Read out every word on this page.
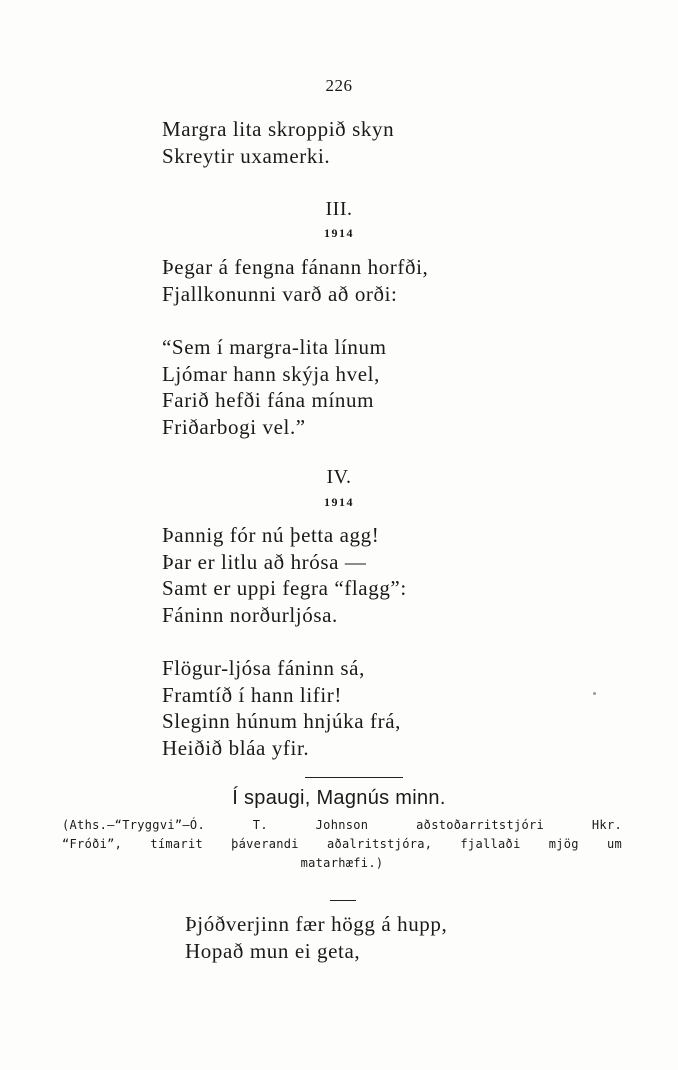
226
Margra lita skroppið skyn
Skreytir uxamerki.
III.
1914
Þegar á fengna fánann horfði,
Fjallkonunni varð að orði:
“Sem í margra-lita línum
Ljómar hann skýja hvel,
Farið hefði fána mínum
Friðarbogi vel.”
IV.
1914
Þannig fór nú þetta agg!
Þar er litlu að hrósa —
Samt er uppi fegra “flagg”:
Fáninn norðurljósa.
Flögur-ljósa fáninn sá,
Framtíð í hann lifir!
Sleginn húnum hnjúka frá,
Heiðið bláa yfir.
Í spaugi, Magnús minn.
(Aths.—“Tryggvi”—Ó. T. Johnson aðstoðarritstjóri Hkr.
“Fróði”, tímarit þáverandi aðalritstjóra, fjallaði mjög um
matarhæfi.)
Þjóðverjinn fær högg á hupp,
Hopað mun ei geta,
